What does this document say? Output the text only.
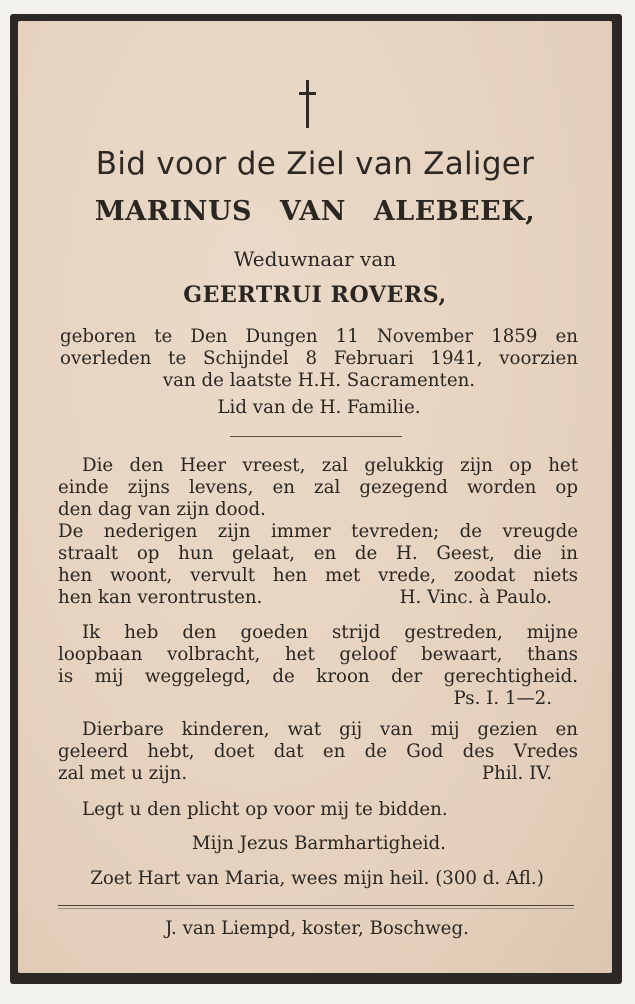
Bid voor de Ziel van Zaliger
MARINUS VAN ALEBEEK,
Weduwnaar van
GEERTRUI ROVERS,
geboren te Den Dungen 11 November 1859 en
overleden te Schijndel 8 Februari 1941, voorzien
van de laatste H.H. Sacramenten.
Lid van de H. Familie.
Die den Heer vreest, zal gelukkig zijn op het
einde zijns levens, en zal gezegend worden op
den dag van zijn dood.
De nederigen zijn immer tevreden; de vreugde
straalt op hun gelaat, en de H. Geest, die in
hen woont, vervult hen met vrede, zoodat niets
hen kan verontrusten.	H. Vinc. à Paulo.
Ik heb den goeden strijd gestreden, mijne
loopbaan volbracht, het geloof bewaart, thans
is mij weggelegd, de kroon der gerechtigheid.
Ps. I. 1—2.
Dierbare kinderen, wat gij van mij gezien en
geleerd hebt, doet dat en de God des Vredes
zal met u zijn.	Phil. IV.
Legt u den plicht op voor mij te bidden.
Mijn Jezus Barmhartigheid.
Zoet Hart van Maria, wees mijn heil. (300 d. Afl.)
J. van Liempd, koster, Boschweg.
